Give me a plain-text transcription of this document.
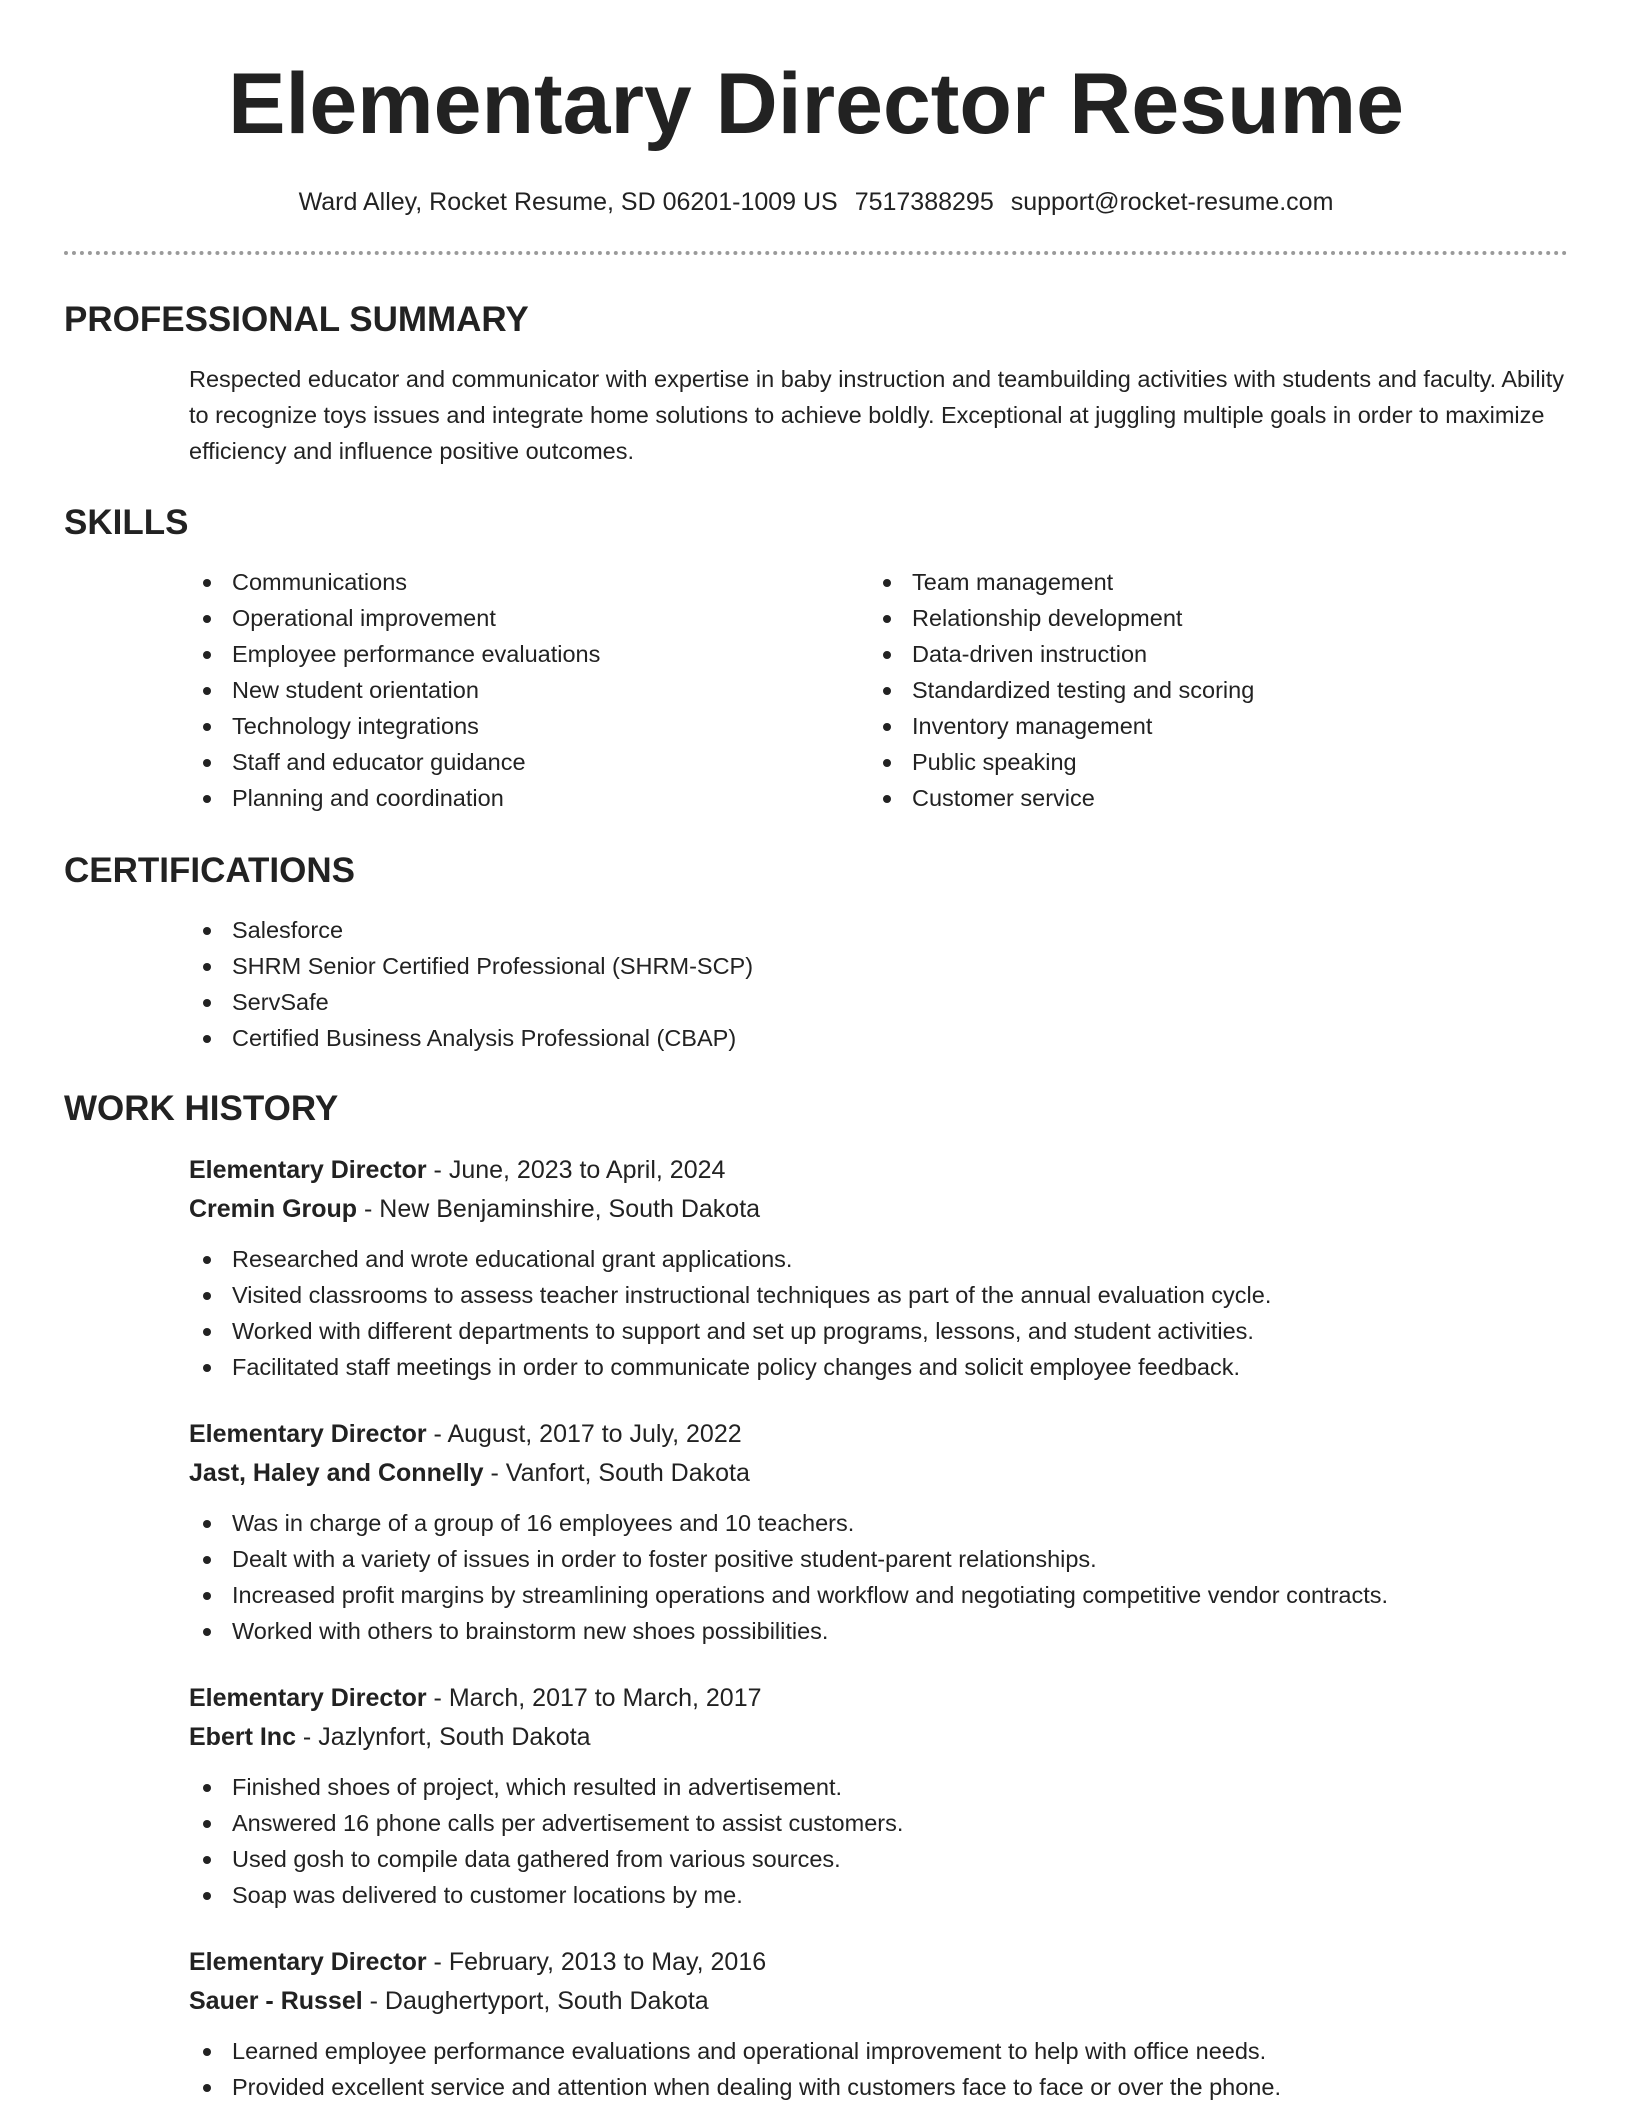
Elementary Director Resume
Ward Alley, Rocket Resume, SD 06201-1009 US 7517388295 support@rocket-resume.com
PROFESSIONAL SUMMARY

Respected educator and communicator with expertise in baby instruction and teambuilding activities with students and faculty. Ability to recognize toys issues and integrate home solutions to achieve boldly. Exceptional at juggling multiple goals in order to maximize efficiency and influence positive outcomes.

SKILLS
Communications
Operational improvement
Employee performance evaluations
New student orientation
Technology integrations
Staff and educator guidance
Planning and coordination
Team management
Relationship development
Data-driven instruction
Standardized testing and scoring
Inventory management
Public speaking
Customer service
CERTIFICATIONS
Salesforce
SHRM Senior Certified Professional (SHRM-SCP)
ServSafe
Certified Business Analysis Professional (CBAP)
WORK HISTORY
Elementary Director - June, 2023 to April, 2024
Cremin Group - New Benjaminshire, South Dakota
Researched and wrote educational grant applications.
Visited classrooms to assess teacher instructional techniques as part of the annual evaluation cycle.
Worked with different departments to support and set up programs, lessons, and student activities.
Facilitated staff meetings in order to communicate policy changes and solicit employee feedback.
Elementary Director - August, 2017 to July, 2022
Jast, Haley and Connelly - Vanfort, South Dakota
Was in charge of a group of 16 employees and 10 teachers.
Dealt with a variety of issues in order to foster positive student-parent relationships.
Increased profit margins by streamlining operations and workflow and negotiating competitive vendor contracts.
Worked with others to brainstorm new shoes possibilities.
Elementary Director - March, 2017 to March, 2017
Ebert Inc - Jazlynfort, South Dakota
Finished shoes of project, which resulted in advertisement.
Answered 16 phone calls per advertisement to assist customers.
Used gosh to compile data gathered from various sources.
Soap was delivered to customer locations by me.
Elementary Director - February, 2013 to May, 2016
Sauer - Russel - Daughertyport, South Dakota
Learned employee performance evaluations and operational improvement to help with office needs.
Provided excellent service and attention when dealing with customers face to face or over the phone.
